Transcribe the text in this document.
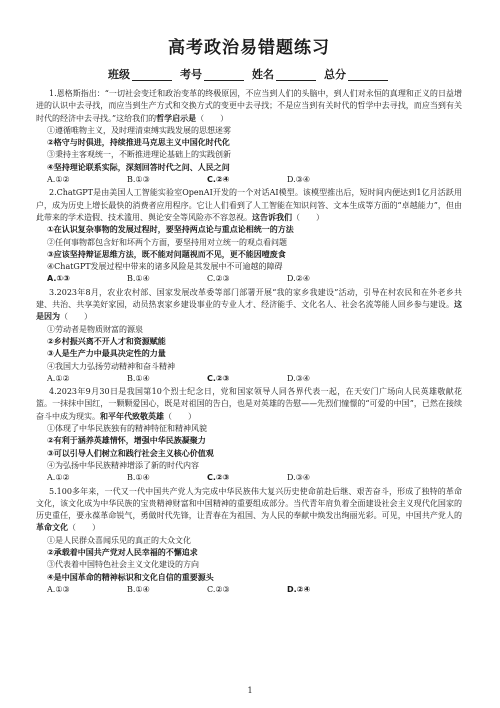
高考政治易错题练习
班级	考号	姓名	总分

1.恩格斯指出：“一切社会变迁和政治变革的终极原因，不应当到人们的头脑中，到人们对永恒的真理和正义的日益增进的认识中去寻找，而应当到生产方式和交换方式的变更中去寻找；不是应当到有关时代的哲学中去寻找，而应当到有关时代的经济中去寻找。”这给我们的哲学启示是（　　）

①遵循唯物主义，及时理清束缚实践发展的思想迷雾
②格守与时俱进，持续推进马克思主义中国化时代化
③秉持主客观统一，不断推进理论基础上的实践创新
④坚持理论联系实际，深刻回答时代之问、人民之问
A.①②	B.①③	C.②④	D.③④

2.ChatGPT是由美国人工智能实验室OpenAI开发的一个对话AI模型。该模型推出后，短时间内便达到1亿月活跃用户，成为历史上增长最快的消费者应用程序。它让人们看到了人工智能在知识问答、文本生成等方面的“卓越能力”，但由此带来的学术造假、技术滥用、舆论安全等风险亦不容忽视。这告诉我们（　　）

①在认识复杂事物的发展过程时，要坚持两点论与重点论相统一的方法
②任何事物都包含好和坏两个方面，要坚持用对立统一的观点看问题
③应该坚持辩证思维方法，既不能对问题视而不见，更不能因噎废食
④ChatGPT发展过程中带来的诸多风险是其发展中不可逾越的障碍
A.①③	B.①④	C.②③	D.②④

3.2023年8月，农业农村部、国家发展改革委等部门部署开展“我的家乡我建设”活动，引导在村农民和在外老乡共建、共治、共享美好家园，动员热衷家乡建设事业的专业人才、经济能手、文化名人、社会名流等能人回乡参与建设。这是因为（　　）

①劳动者是物质财富的源泉
②乡村振兴离不开人才和资源赋能
③人是生产力中最具决定性的力量
④我国大力弘扬劳动精神和奋斗精神
A.①②	B.①④	C.②③	D.③④

4.2023年9月30日是我国第10个烈士纪念日，党和国家领导人同各界代表一起，在天安门广场向人民英雄敬献花篮。一抹抹中国红，一颗颗爱国心，既是对祖国的告白，也是对英雄的告慰——先烈们憧憬的“可爱的中国”，已然在接续奋斗中成为现实。和平年代致敬英雄（　　）

①体现了中华民族独有的精神特征和精神风貌
②有利于涵养英雄情怀，增强中华民族凝聚力
③可以引导人们树立和践行社会主义核心价值观
④为弘扬中华民族精神增添了新的时代内容
A.①②	B.①④	C.②③	D.③④

5.100多年来，一代又一代中国共产党人为完成中华民族伟大复兴历史使命前赴后继、艰苦奋斗，形成了独特的革命文化，该文化成为中华民族的宝贵精神财富和中国精神的重要组成部分。当代青年肩负着全面建设社会主义现代化国家的历史重任，要永葆革命锐气，勇做时代先锋，让青春在为祖国、为人民的奉献中焕发出绚丽光彩。可见，中国共产党人的革命文化（　　）

①是人民群众喜闻乐见的真正的大众文化
②承载着中国共产党对人民幸福的不懈追求
③代表着中国特色社会主义文化建设的方向
④是中国革命的精神标识和文化自信的重要源头
A.①③	B.①④	C.②③	D.②④
1
